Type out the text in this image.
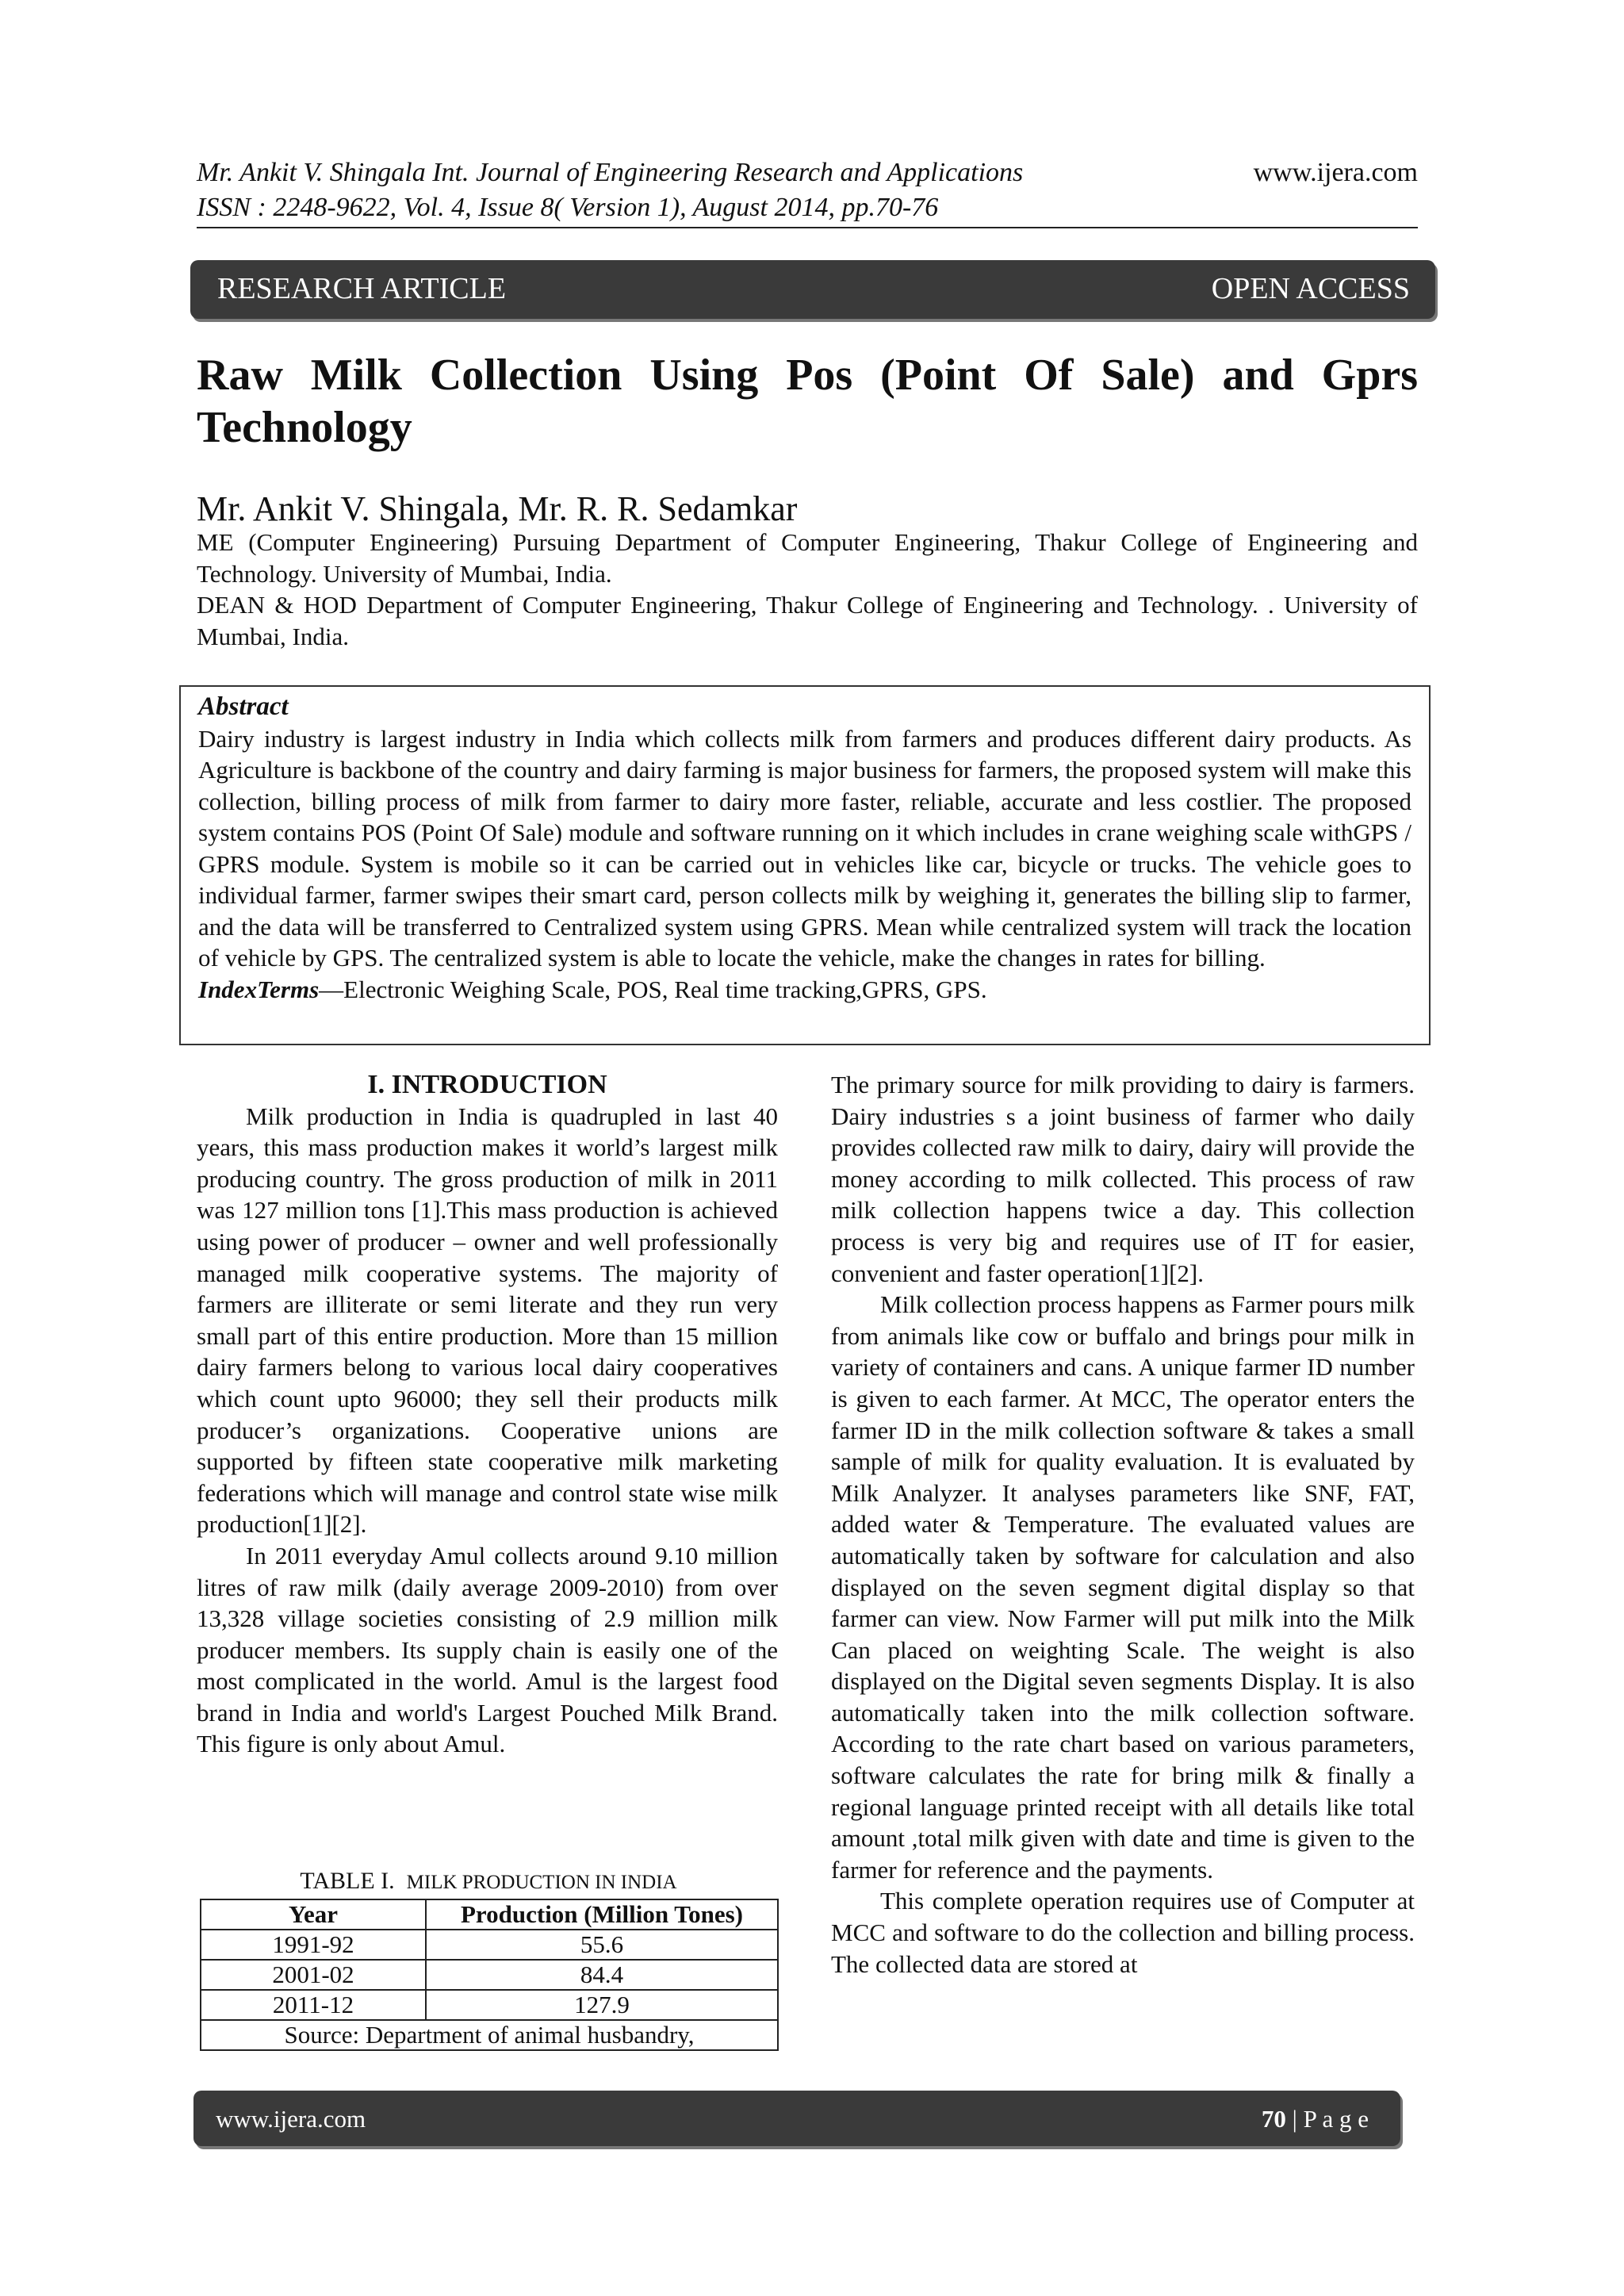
Mr. Ankit V. Shingala Int. Journal of Engineering Research and Applications	www.ijera.com
ISSN : 2248-9622, Vol. 4, Issue 8( Version 1), August 2014, pp.70-76
RESEARCH ARTICLE	OPEN ACCESS
Raw Milk Collection Using Pos (Point Of Sale) and Gprs Technology
Mr. Ankit V. Shingala, Mr. R. R. Sedamkar
ME (Computer Engineering) Pursuing Department of Computer Engineering, Thakur College of Engineering and Technology. University of Mumbai, India.
DEAN & HOD Department of Computer Engineering, Thakur College of Engineering and Technology. . University of Mumbai, India.
Abstract
Dairy industry is largest industry in India which collects milk from farmers and produces different dairy products. As Agriculture is backbone of the country and dairy farming is major business for farmers, the proposed system will make this collection, billing process of milk from farmer to dairy more faster, reliable, accurate and less costlier. The proposed system contains POS (Point Of Sale) module and software running on it which includes in crane weighing scale withGPS / GPRS module. System is mobile so it can be carried out in vehicles like car, bicycle or trucks. The vehicle goes to individual farmer, farmer swipes their smart card, person collects milk by weighing it, generates the billing slip to farmer, and the data will be transferred to Centralized system using GPRS. Mean while centralized system will track the location of vehicle by GPS. The centralized system is able to locate the vehicle, make the changes in rates for billing.
IndexTerms—Electronic Weighing Scale, POS, Real time tracking,GPRS, GPS.
I. INTRODUCTION

Milk production in India is quadrupled in last 40 years, this mass production makes it world’s largest milk producing country. The gross production of milk in 2011 was 127 million tons [1].This mass production is achieved using power of producer – owner and well professionally managed milk cooperative systems. The majority of farmers are illiterate or semi literate and they run very small part of this entire production. More than 15 million dairy farmers belong to various local dairy cooperatives which count upto 96000; they sell their products milk producer’s organizations. Cooperative unions are supported by fifteen state cooperative milk marketing federations which will manage and control state wise milk production[1][2].

In 2011 everyday Amul collects around 9.10 million litres of raw milk (daily average 2009-2010) from over 13,328 village societies consisting of 2.9 million milk producer members. Its supply chain is easily one of the most complicated in the world. Amul is the largest food brand in India and world's Largest Pouched Milk Brand. This figure is only about Amul.

TABLE I. MILK PRODUCTION IN INDIA
Year	Production (Million Tones)
1991-92	55.6
2001-02	84.4
2011-12	127.9
Source: Department of animal husbandry,	

The primary source for milk providing to dairy is farmers. Dairy industries s a joint business of farmer who daily provides collected raw milk to dairy, dairy will provide the money according to milk collected. This process of raw milk collection happens twice a day. This collection process is very big and requires use of IT for easier, convenient and faster operation[1][2].

Milk collection process happens as Farmer pours milk from animals like cow or buffalo and brings pour milk in variety of containers and cans. A unique farmer ID number is given to each farmer. At MCC, The operator enters the farmer ID in the milk collection software & takes a small sample of milk for quality evaluation. It is evaluated by Milk Analyzer. It analyses parameters like SNF, FAT, added water & Temperature. The evaluated values are automatically taken by software for calculation and also displayed on the seven segment digital display so that farmer can view. Now Farmer will put milk into the Milk Can placed on weighting Scale. The weight is also displayed on the Digital seven segments Display. It is also automatically taken into the milk collection software. According to the rate chart based on various parameters, software calculates the rate for bring milk & finally a regional language printed receipt with all details like total amount ,total milk given with date and time is given to the farmer for reference and the payments.

This complete operation requires use of Computer at MCC and software to do the collection and billing process. The collected data are stored at

www.ijera.com	70 | P a g e
